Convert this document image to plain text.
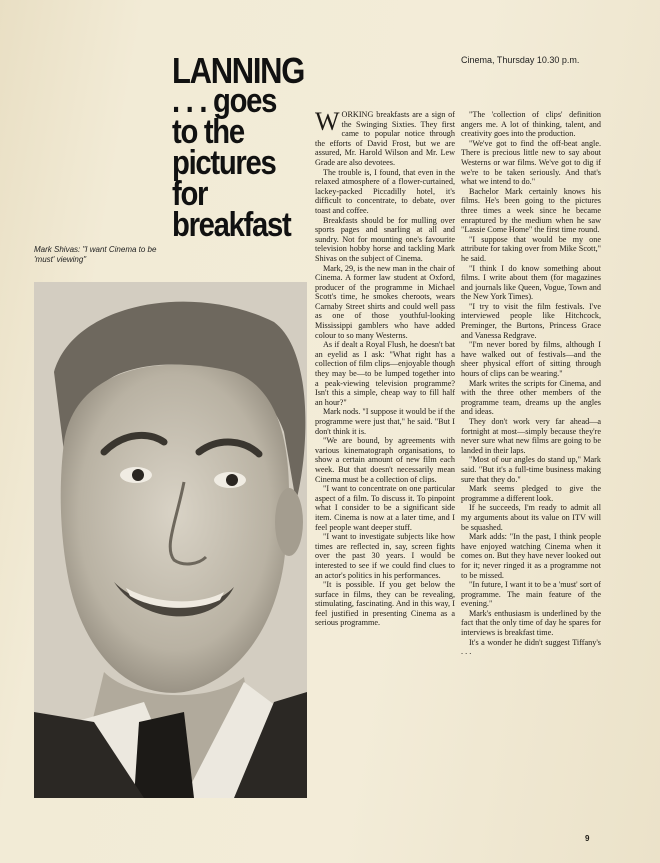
LANNING
. . . goes
to the
pictures
for
breakfast
Mark Shivas: "I want Cinema to be 'must' viewing"
Cinema, Thursday 10.30 p.m.

WORKING breakfasts are a sign of the Swinging Sixties. They first came to popular notice through the efforts of David Frost, but we are assured, Mr. Harold Wilson and Mr. Lew Grade are also devotees.

The trouble is, I found, that even in the relaxed atmosphere of a flower-curtained, lackey-packed Piccadilly hotel, it's difficult to concentrate, to debate, over toast and coffee.

Breakfasts should be for mulling over sports pages and snarling at all and sundry. Not for mounting one's favourite television hobby horse and tackling Mark Shivas on the subject of Cinema.

Mark, 29, is the new man in the chair of Cinema. A former law student at Oxford, producer of the programme in Michael Scott's time, he smokes cheroots, wears Carnaby Street shirts and could well pass as one of those youthful-looking Mississippi gamblers who have added colour to so many Westerns.

As if dealt a Royal Flush, he doesn't bat an eyelid as I ask: "What right has a collection of film clips—enjoyable though they may be—to be lumped together into a peak-viewing television programme? Isn't this a simple, cheap way to fill half an hour?"

Mark nods. "I suppose it would be if the programme were just that," he said. "But I don't think it is.

"We are bound, by agreements with various kinematograph organisations, to show a certain amount of new film each week. But that doesn't necessarily mean Cinema must be a collection of clips.

"I want to concentrate on one particular aspect of a film. To discuss it. To pinpoint what I consider to be a significant side item. Cinema is now at a later time, and I feel people want deeper stuff.

"I want to investigate subjects like how times are reflected in, say, screen fights over the past 30 years. I would be interested to see if we could find clues to an actor's politics in his performances.

"It is possible. If you get below the surface in films, they can be revealing, stimulating, fascinating. And in this way, I feel justified in presenting Cinema as a serious programme.

"The 'collection of clips' definition angers me. A lot of thinking, talent, and creativity goes into the production.

"We've got to find the off-beat angle. There is precious little new to say about Westerns or war films. We've got to dig if we're to be taken seriously. And that's what we intend to do."

Bachelor Mark certainly knows his films. He's been going to the pictures three times a week since he became enraptured by the medium when he saw "Lassie Come Home" the first time round.

"I suppose that would be my one attribute for taking over from Mike Scott," he said.

"I think I do know something about films. I write about them (for magazines and journals like Queen, Vogue, Town and the New York Times).

"I try to visit the film festivals. I've interviewed people like Hitchcock, Preminger, the Burtons, Princess Grace and Vanessa Redgrave.

"I'm never bored by films, although I have walked out of festivals—and the sheer physical effort of sitting through hours of clips can be wearing."

Mark writes the scripts for Cinema, and with the three other members of the programme team, dreams up the angles and ideas.

They don't work very far ahead—a fortnight at most—simply because they're never sure what new films are going to be landed in their laps.

"Most of our angles do stand up," Mark said. "But it's a full-time business making sure that they do."

Mark seems pledged to give the programme a different look.

If he succeeds, I'm ready to admit all my arguments about its value on ITV will be squashed.

Mark adds: "In the past, I think people have enjoyed watching Cinema when it comes on. But they have never looked out for it; never ringed it as a programme not to be missed.

"In future, I want it to be a 'must' sort of programme. The main feature of the evening."

Mark's enthusiasm is underlined by the fact that the only time of day he spares for interviews is breakfast time.

It's a wonder he didn't suggest Tiffany's . . .

9
